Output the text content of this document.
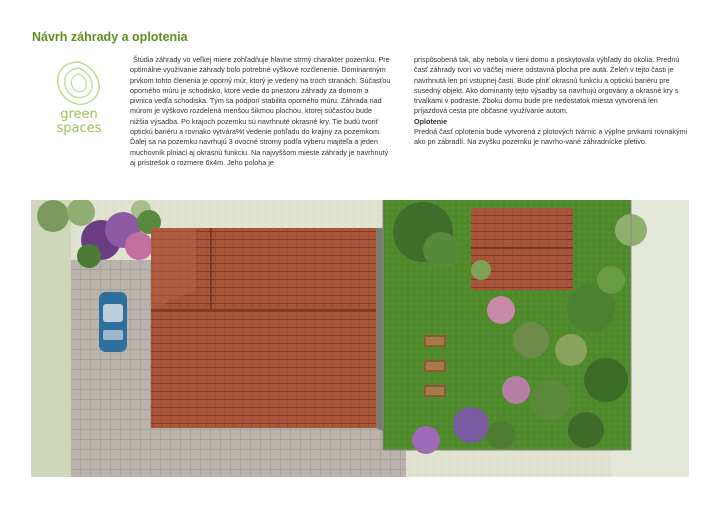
Návrh záhrady a oplotenia
green
spaces

Štúdia záhrady vo veľkej miere zohľadňuje hlavne strmý charakter pozemku. Pre optimálne využívanie záhrady bolo potrebné výškové rozčlenenie. Dominantným prvkom tohto členenia je oporný múr, ktorý je vedený na troch stranách. Súčasťou oporného múru je schodisko, ktoré vedie do priestoru záhrady za domom a pivnica vedľa schodiska. Tým sa podporí stabilita oporného múru. Záhrada nad múrom je výškovo rozdelená menšou šikmou plochou, ktorej súčasťou bude nižšia výsadba. Po krajoch pozemku sú navrhnuté okrasné kry. Tie budú tvoriť optickú bariéru a rovnako vytvára%t vedenie pohľadu do krajiny za pozemkom. Ďalej sa na pozemku navrhujú 3 ovocné stromy podľa výberu majiteľa a jeden muchovník plniaci aj okrasnú funkciu. Na najvyššom mieste záhrady je navrhnutý aj prístrešok o rozmere 6x4m. Jeho poloha je

prispôsobená tak, aby nebola v tieni domu a poskytovala výhľady do okolia. Prednú časť záhrady tvorí vo väčšej miere odstavná plocha pre autá. Zeleň v tejto časti je navrhnutá len pri vstupnej časti. Bude plniť okrasnú funkciu a optickú bariéru pre susedný objekt. Ako dominanty tejto výsadby sa navrhujú orgovány a okrasné kry s trvalkami v podraste. Zboku domu bude pre nedostatok miesta vytvorená len príjazdová cesta pre občasné využívanie autom.

Oplotenie

Predná časť oplotenia bude vytvorená z plotových tvárnic a výplne prvkami rovnakými ako pri zábradlí. Na zvyšku pozemku je navrho-vané záhradnícke pletivo.
